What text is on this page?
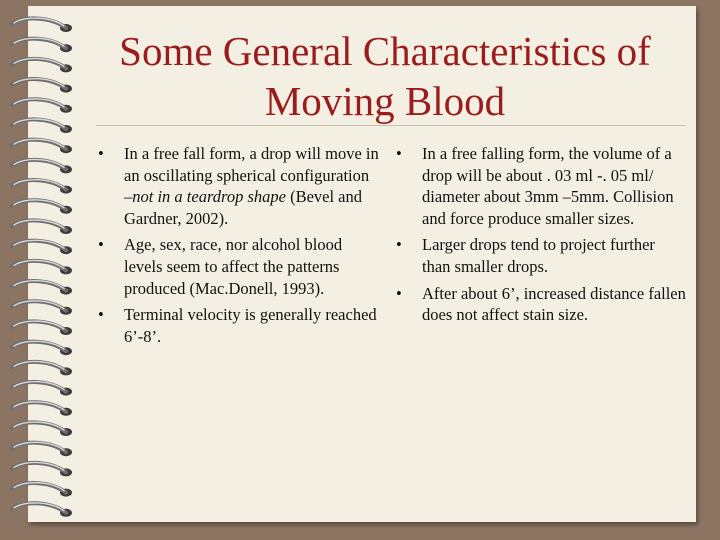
Some General Characteristics of
Moving Blood
• In a free fall form, a drop will move in an oscillating spherical configuration –not in a teardrop shape (Bevel and Gardner, 2002).
• Age, sex, race, nor alcohol blood levels seem to affect the patterns produced (Mac.Donell, 1993).
• Terminal velocity is generally reached 6’-8’.
• In a free falling form, the volume of a drop will be about . 03 ml -. 05 ml/ diameter about 3mm –5mm. Collision and force produce smaller sizes.
• Larger drops tend to project further than smaller drops.
• After about 6’, increased distance fallen does not affect stain size.
